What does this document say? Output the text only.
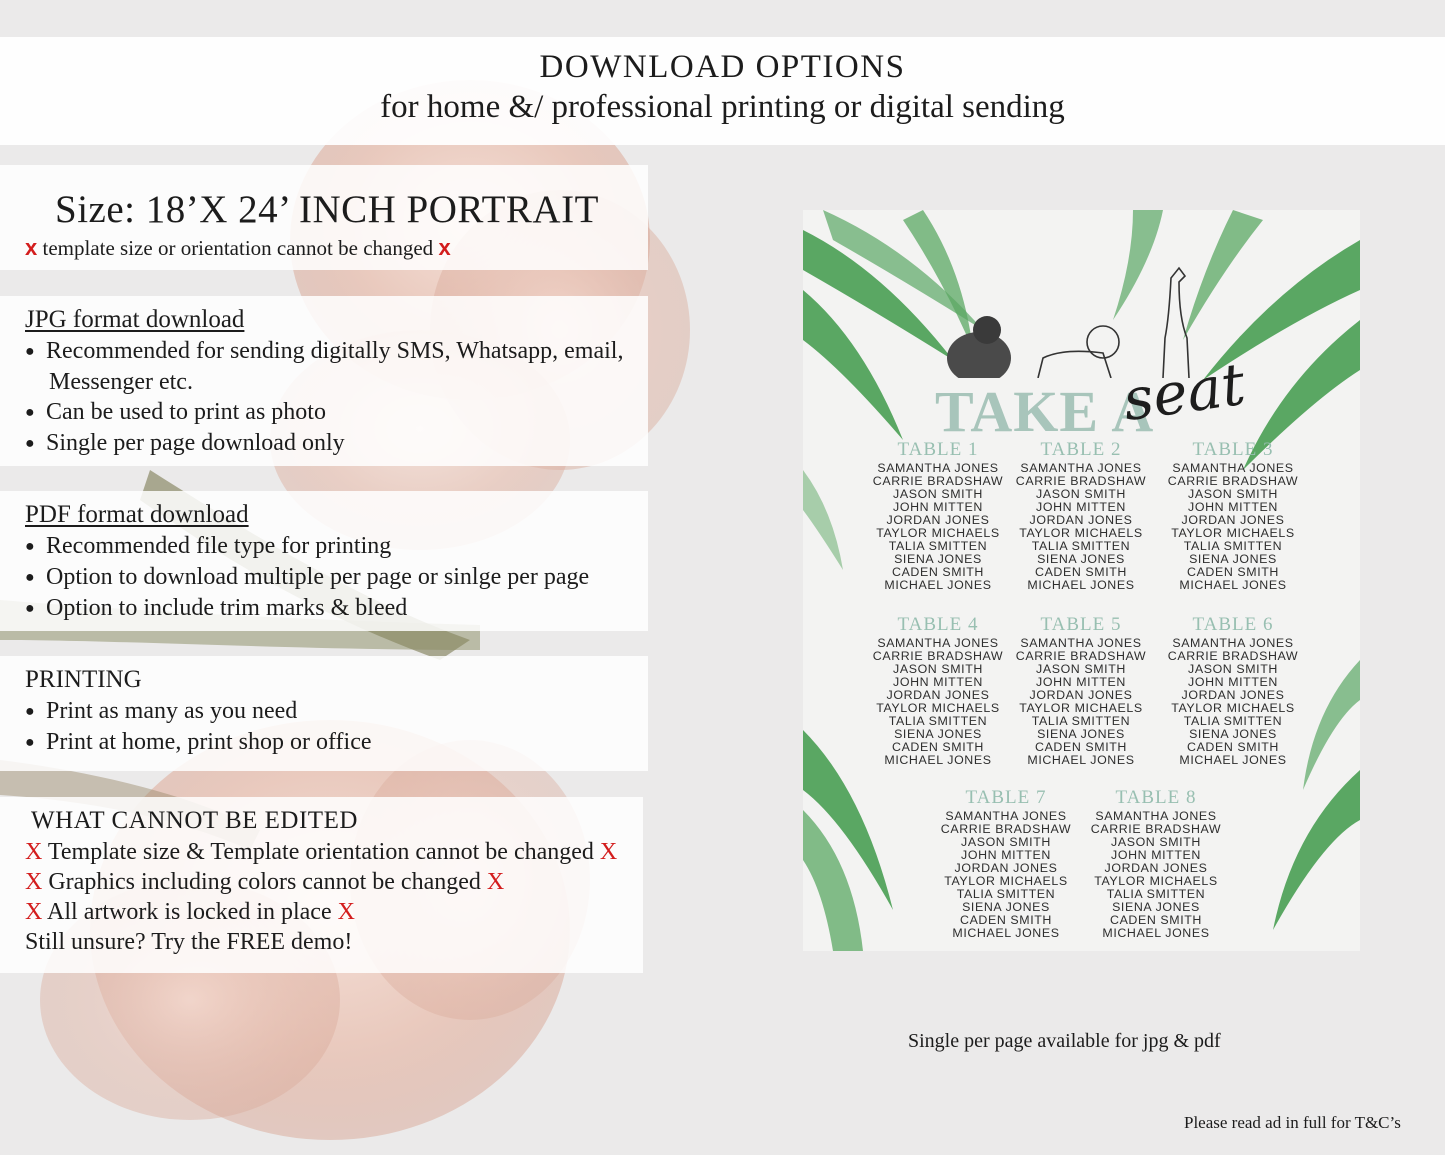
DOWNLOAD OPTIONS
for home &/ professional printing or digital sending
Size: 18’X 24’ INCH PORTRAIT
x template size or orientation cannot be changed x
JPG format download
● Recommended for sending digitally SMS, Whatsapp, email,
Messenger etc.
● Can be used to print as photo
● Single per page download only
PDF format download
● Recommended file type for printing
● Option to download multiple per page or sinlge per page
● Option to include trim marks & bleed
PRINTING
● Print as many as you need
● Print at home, print shop or office
WHAT CANNOT BE EDITED
X Template size & Template orientation cannot be changed X
X Graphics including colors cannot be changed X
X All artwork is locked in place X
Still unsure? Try the FREE demo!
TAKE A
seat
TABLE 1
SAMANTHA JONES
CARRIE BRADSHAW
JASON SMITH
JOHN MITTEN
JORDAN JONES
TAYLOR MICHAELS
TALIA SMITTEN
SIENA JONES
CADEN SMITH
MICHAEL JONES
TABLE 2
SAMANTHA JONES
CARRIE BRADSHAW
JASON SMITH
JOHN MITTEN
JORDAN JONES
TAYLOR MICHAELS
TALIA SMITTEN
SIENA JONES
CADEN SMITH
MICHAEL JONES
TABLE 3
SAMANTHA JONES
CARRIE BRADSHAW
JASON SMITH
JOHN MITTEN
JORDAN JONES
TAYLOR MICHAELS
TALIA SMITTEN
SIENA JONES
CADEN SMITH
MICHAEL JONES
TABLE 4
SAMANTHA JONES
CARRIE BRADSHAW
JASON SMITH
JOHN MITTEN
JORDAN JONES
TAYLOR MICHAELS
TALIA SMITTEN
SIENA JONES
CADEN SMITH
MICHAEL JONES
TABLE 5
SAMANTHA JONES
CARRIE BRADSHAW
JASON SMITH
JOHN MITTEN
JORDAN JONES
TAYLOR MICHAELS
TALIA SMITTEN
SIENA JONES
CADEN SMITH
MICHAEL JONES
TABLE 6
SAMANTHA JONES
CARRIE BRADSHAW
JASON SMITH
JOHN MITTEN
JORDAN JONES
TAYLOR MICHAELS
TALIA SMITTEN
SIENA JONES
CADEN SMITH
MICHAEL JONES
TABLE 7
SAMANTHA JONES
CARRIE BRADSHAW
JASON SMITH
JOHN MITTEN
JORDAN JONES
TAYLOR MICHAELS
TALIA SMITTEN
SIENA JONES
CADEN SMITH
MICHAEL JONES
TABLE 8
SAMANTHA JONES
CARRIE BRADSHAW
JASON SMITH
JOHN MITTEN
JORDAN JONES
TAYLOR MICHAELS
TALIA SMITTEN
SIENA JONES
CADEN SMITH
MICHAEL JONES
Single per page available for jpg & pdf
Please read ad in full for T&C’s
